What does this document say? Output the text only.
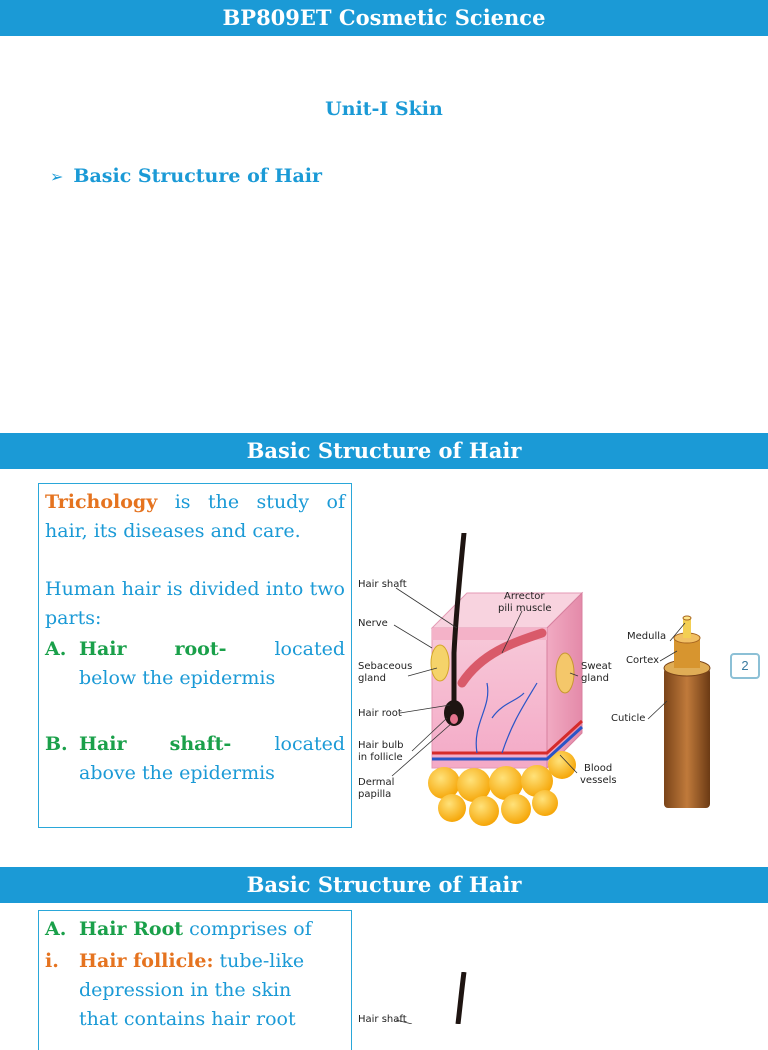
BP809ET Cosmetic Science
Unit-I Skin
➢ Basic Structure of Hair
Basic Structure of Hair

Trichology is the study of hair, its diseases and care.

Human hair is divided into two parts:

A. Hair	root-	located
below the epidermis
B. Hair shaft- located
above the epidermis
Hair shaft
Nerve
Sebaceous
gland
Hair root
Hair bulb
in follicle
Dermal
papilla
Arrector
pili muscle
Sweat
gland
Blood
vessels
Medulla
Cortex
Cuticle
2
Basic Structure of Hair
A. Hair Root comprises of
i.	Hair follicle: tube-like
depression in the skin
that contains hair root	Hair shaft
